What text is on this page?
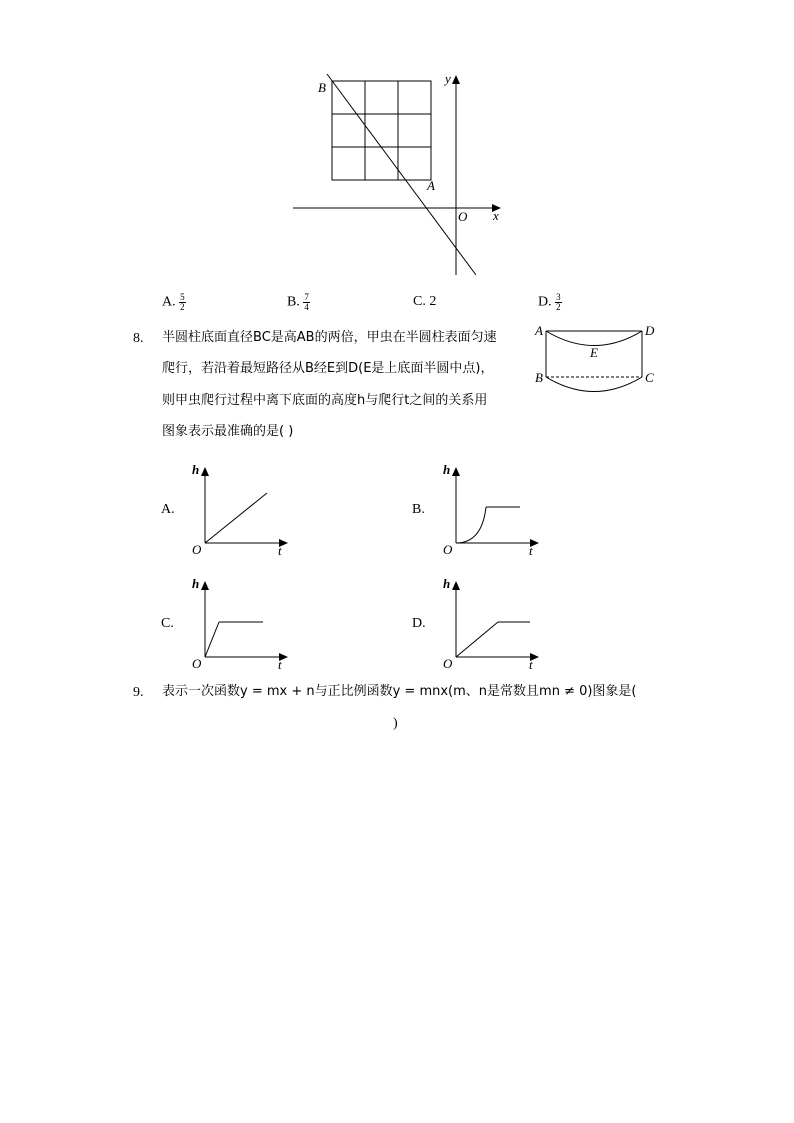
B
A
y
x
O
A. $\frac{5}{2}$	B. $\frac{7}{4}$	C. 2	D. $\frac{3}{2}$
8. 半圆柱底面直径BC是高AB的两倍，甲虫在半圆柱表面匀速
爬行，若沿着最短路径从B经E到D(E是上底面半圆中点)，
则甲虫爬行过程中离下底面的高度h与爬行t之间的关系用
图象表示最准确的是( )
A	D
E
B	C
A.
h
O	t
B.
h
O	t
C.
h
O	t
D.
h
O	t
9. 表示一次函数y = mx + n与正比例函数y = mnx(m、n是常数且mn ≠ 0)图象是(
)
